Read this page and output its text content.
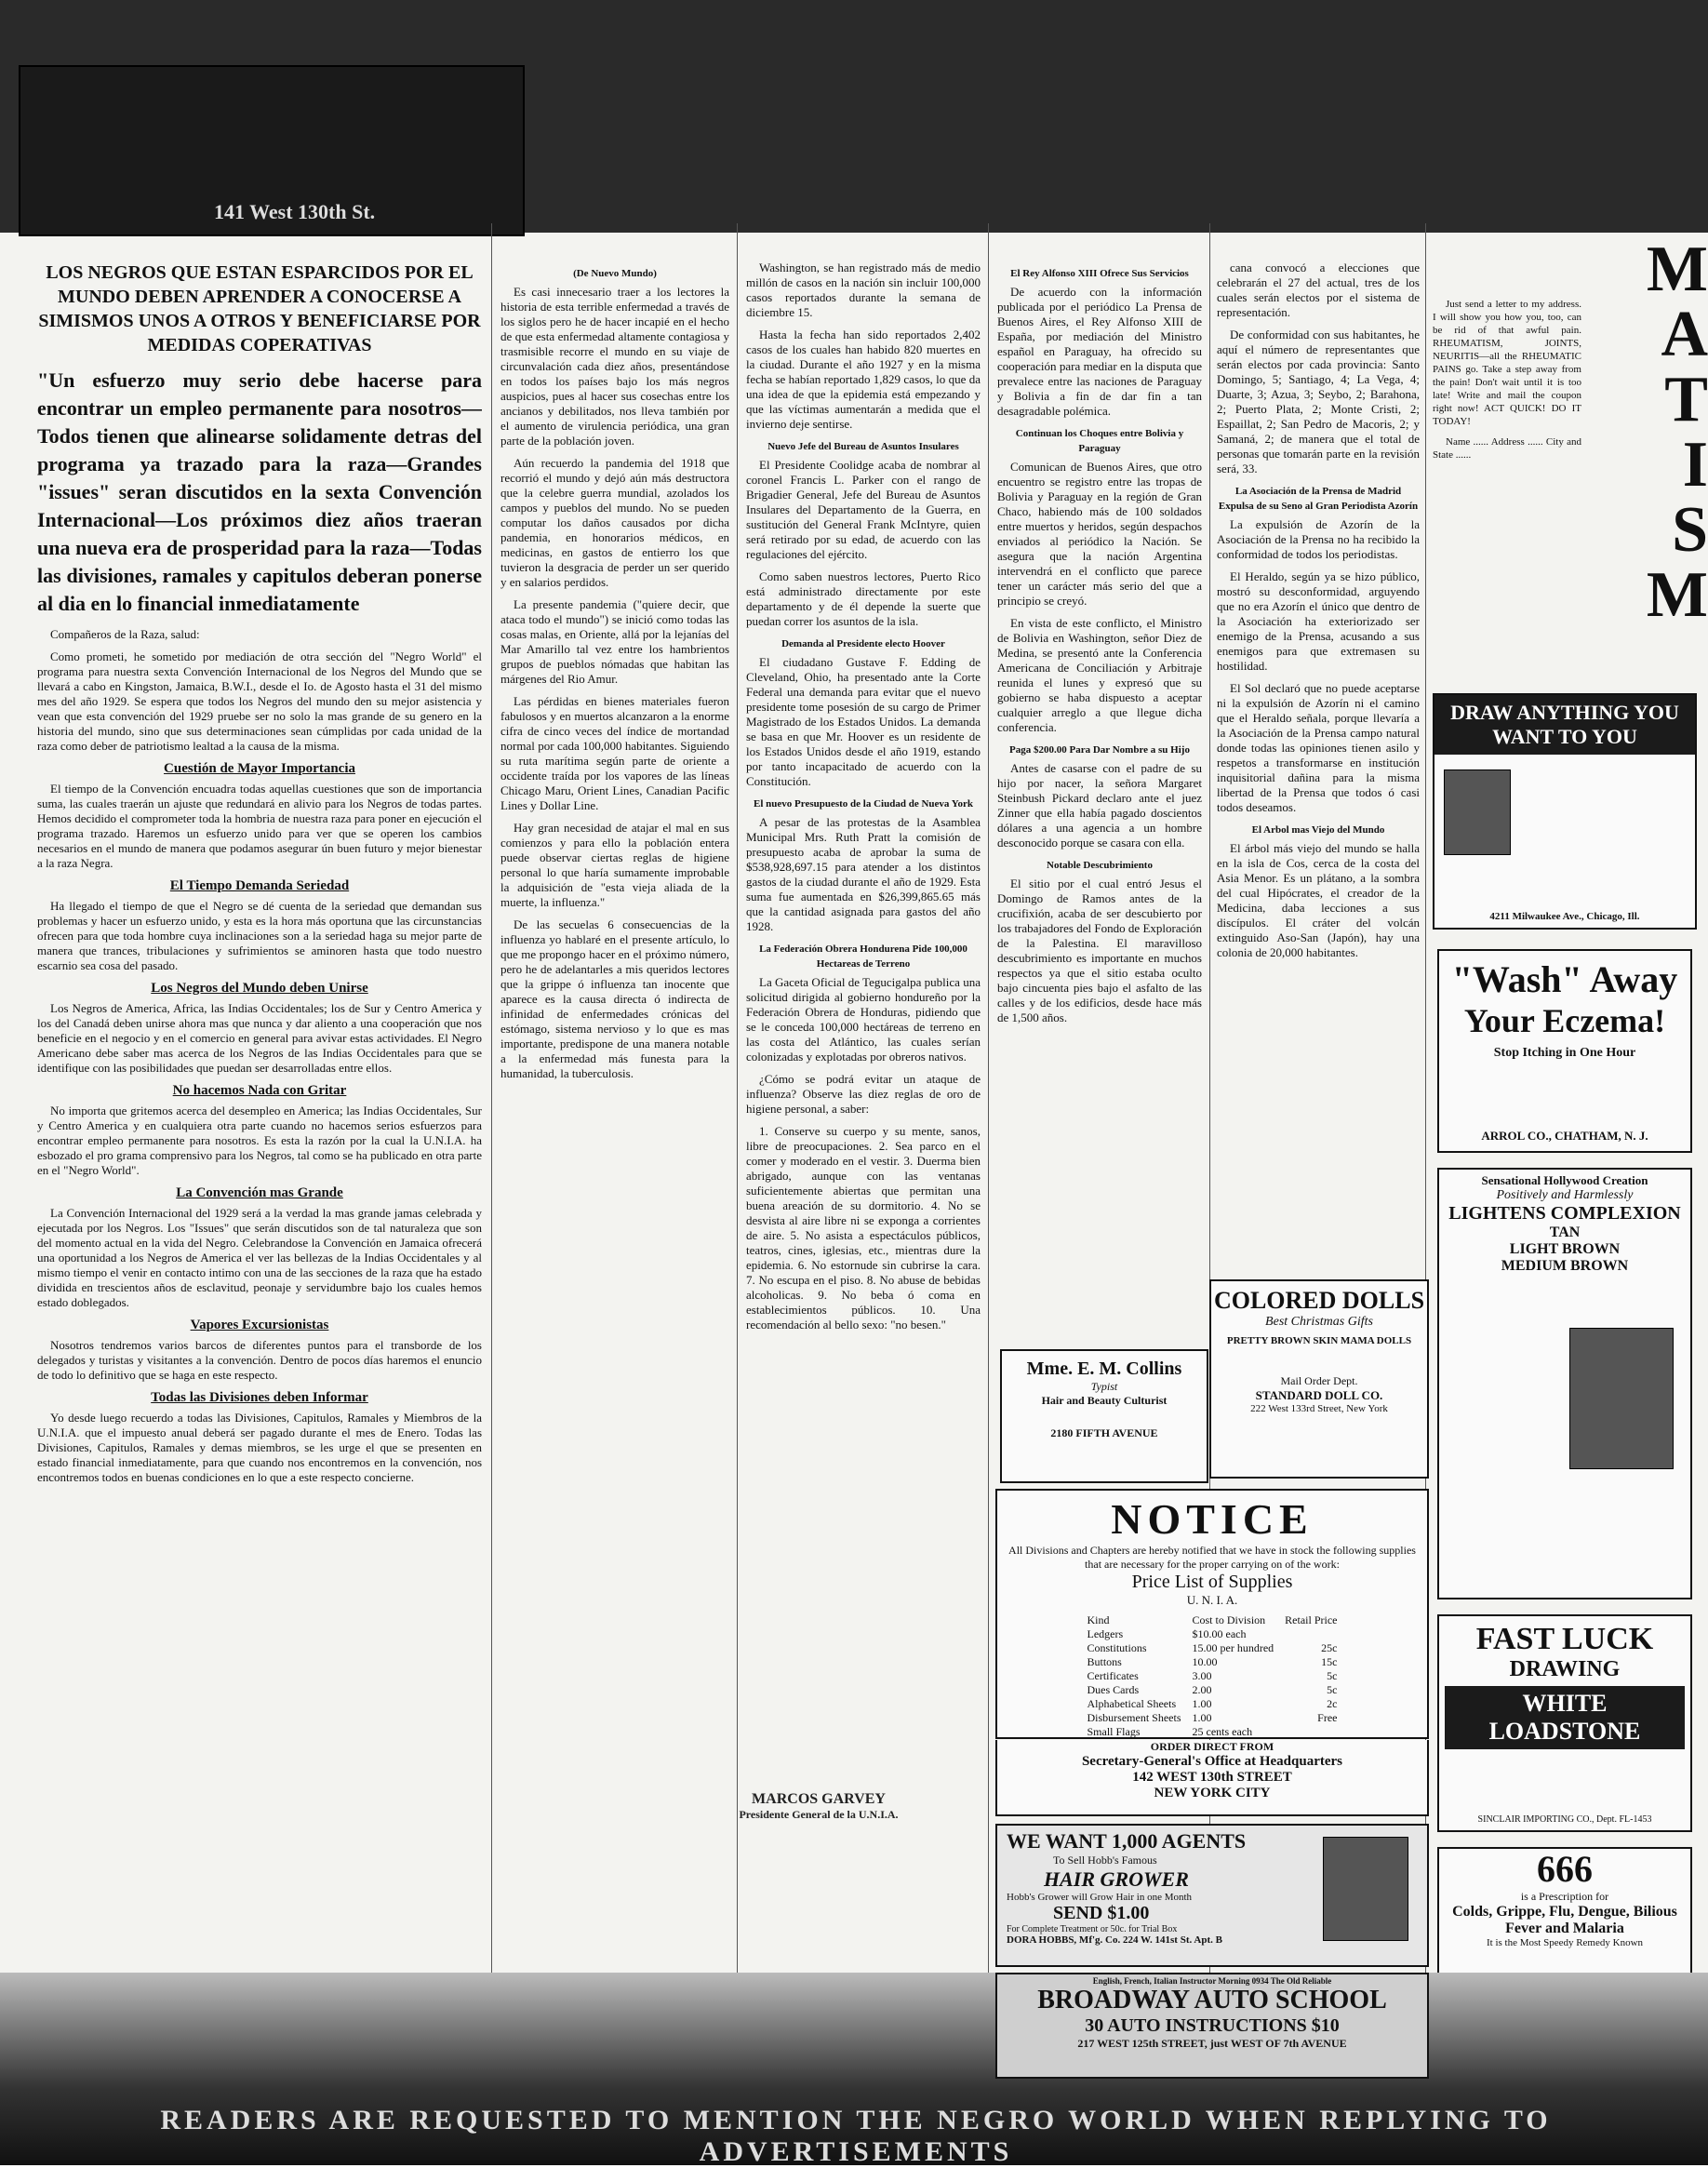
141 West 130th St.
M
A
T
I
S
M
LOS NEGROS QUE ESTAN ESPARCIDOS POR EL MUNDO DEBEN APRENDER A CONOCERSE A SIMISMOS UNOS A OTROS Y BENEFICIARSE POR MEDIDAS COPERATIVAS
"Un esfuerzo muy serio debe hacerse para encontrar un empleo permanente para nosotros—Todos tienen que alinearse solidamente detras del programa ya trazado para la raza—Grandes "issues" seran discutidos en la sexta Convención Internacional—Los próximos diez años traeran una nueva era de prosperidad para la raza—Todas las divisiones, ramales y capitulos deberan ponerse al dia en lo financial inmediatamente

Compañeros de la Raza, salud:

Como prometi, he sometido por mediación de otra sección del "Negro World" el programa para nuestra sexta Convención Internacional de los Negros del Mundo que se llevará a cabo en Kingston, Jamaica, B.W.I., desde el Io. de Agosto hasta el 31 del mismo mes del año 1929. Se espera que todos los Negros del mundo den su mejor asistencia y vean que esta convención del 1929 pruebe ser no solo la mas grande de su genero en la historia del mundo, sino que sus determinaciones sean cúmplidas por cada unidad de la raza como deber de patriotismo lealtad a la causa de la misma.

Cuestión de Mayor Importancia

El tiempo de la Convención encuadra todas aquellas cuestiones que son de importancia suma, las cuales traerán un ajuste que redundará en alivio para los Negros de todas partes. Hemos decidido el comprometer toda la hombria de nuestra raza para poner en ejecución el programa trazado. Haremos un esfuerzo unido para ver que se operen los cambios necesarios en el mundo de manera que podamos asegurar ún buen futuro y mejor bienestar a la raza Negra.

El Tiempo Demanda Seriedad

Ha llegado el tiempo de que el Negro se dé cuenta de la seriedad que demandan sus problemas y hacer un esfuerzo unido, y esta es la hora más oportuna que las circunstancias ofrecen para que toda hombre cuya inclinaciones son a la seriedad haga su mejor parte de manera que trances, tribulaciones y sufrimientos se aminoren hasta que todo nuestro escarnio sea cosa del pasado.

Los Negros del Mundo deben Unirse

Los Negros de America, Africa, las Indias Occidentales; los de Sur y Centro America y los del Canadá deben unirse ahora mas que nunca y dar aliento a una cooperación que nos beneficie en el negocio y en el comercio en general para avivar estas actividades. El Negro Americano debe saber mas acerca de los Negros de las Indias Occidentales para que se identifique con las posibilidades que puedan ser desarrolladas entre ellos.

No hacemos Nada con Gritar

No importa que gritemos acerca del desempleo en America; las Indias Occidentales, Sur y Centro America y en cualquiera otra parte cuando no hacemos serios esfuerzos para encontrar empleo permanente para nosotros. Es esta la razón por la cual la U.N.I.A. ha esbozado el pro grama comprensivo para los Negros, tal como se ha publicado en otra parte en el "Negro World".

La Convención mas Grande

La Convención Internacional del 1929 será a la verdad la mas grande jamas celebrada y ejecutada por los Negros. Los "Issues" que serán discutidos son de tal naturaleza que son del momento actual en la vida del Negro. Celebrandose la Convención en Jamaica ofrecerá una oportunidad a los Negros de America el ver las bellezas de la Indias Occidentales y al mismo tiempo el venir en contacto intimo con una de las secciones de la raza que ha estado dividida en trescientos años de esclavitud, peonaje y servidumbre bajo los cuales hemos estado doblegados.

Vapores Excursionistas

Nosotros tendremos varios barcos de diferentes puntos para el transborde de los delegados y turistas y visitantes a la convención. Dentro de pocos días haremos el enuncio de todo lo definitivo que se haga en este respecto.

Todas las Divisiones deben Informar

Yo desde luego recuerdo a todas las Divisiones, Capitulos, Ramales y Miembros de la U.N.I.A. que el impuesto anual deberá ser pagado durante el mes de Enero. Todas las Divisiones, Capitulos, Ramales y demas miembros, se les urge el que se presenten en estado financial inmediatamente, para que cuando nos encontremos en la convención, nos encontremos todos en buenas condiciones en lo que a este respecto concierne.

MARCOS GARVEY
Presidente General de la U.N.I.A.
(De Nuevo Mundo)

Es casi innecesario traer a los lectores la historia de esta terrible enfermedad a través de los siglos pero he de hacer incapié en el hecho de que esta enfermedad altamente contagiosa y trasmisible recorre el mundo en su viaje de circunvalación cada diez años, presentándose en todos los países bajo los más negros auspicios, pues al hacer sus cosechas entre los ancianos y debilitados, nos lleva también por el aumento de virulencia periódica, una gran parte de la población joven.

Aún recuerdo la pandemia del 1918 que recorrió el mundo y dejó aún más destructora que la celebre guerra mundial, azolados los campos y pueblos del mundo. No se pueden computar los daños causados por dicha pandemia, en honorarios médicos, en medicinas, en gastos de entierro los que tuvieron la desgracia de perder un ser querido y en salarios perdidos.

La presente pandemia ("quiere decir, que ataca todo el mundo") se inició como todas las cosas malas, en Oriente, allá por la lejanías del Mar Amarillo tal vez entre los hambrientos grupos de pueblos nómadas que habitan las márgenes del Rio Amur.

Las pérdidas en bienes materiales fueron fabulosos y en muertos alcanzaron a la enorme cifra de cinco veces del índice de mortandad normal por cada 100,000 habitantes. Siguiendo su ruta marítima según parte de oriente a occidente traída por los vapores de las líneas Chicago Maru, Orient Lines, Canadian Pacific Lines y Dollar Line.

Hay gran necesidad de atajar el mal en sus comienzos y para ello la población entera puede observar ciertas reglas de higiene personal lo que haría sumamente improbable la adquisición de "esta vieja aliada de la muerte, la influenza."

De las secuelas 6 consecuencias de la influenza yo hablaré en el presente artículo, lo que me propongo hacer en el próximo número, pero he de adelantarles a mis queridos lectores que la grippe ó influenza tan inocente que aparece es la causa directa ó indirecta de infinidad de enfermedades crónicas del estómago, sistema nervioso y lo que es mas importante, predispone de una manera notable a la enfermedad más funesta para la humanidad, la tuberculosis.

Washington, se han registrado más de medio millón de casos en la nación sin incluir 100,000 casos reportados durante la semana de diciembre 15.

Hasta la fecha han sido reportados 2,402 casos de los cuales han habido 820 muertes en la ciudad. Durante el año 1927 y en la misma fecha se habían reportado 1,829 casos, lo que da una idea de que la epidemia está empezando y que las víctimas aumentarán a medida que el invierno deje sentirse.

Nuevo Jefe del Bureau de Asuntos Insulares

El Presidente Coolidge acaba de nombrar al coronel Francis L. Parker con el rango de Brigadier General, Jefe del Bureau de Asuntos Insulares del Departamento de la Guerra, en sustitución del General Frank McIntyre, quien será retirado por su edad, de acuerdo con las regulaciones del ejército.

Como saben nuestros lectores, Puerto Rico está administrado directamente por este departamento y de él depende la suerte que puedan correr los asuntos de la isla.

Demanda al Presidente electo Hoover

El ciudadano Gustave F. Edding de Cleveland, Ohio, ha presentado ante la Corte Federal una demanda para evitar que el nuevo presidente tome posesión de su cargo de Primer Magistrado de los Estados Unidos. La demanda se basa en que Mr. Hoover es un residente de los Estados Unidos desde el año 1919, estando por tanto incapacitado de acuerdo con la Constitución.

El nuevo Presupuesto de la Ciudad de Nueva York

A pesar de las protestas de la Asamblea Municipal Mrs. Ruth Pratt la comisión de presupuesto acaba de aprobar la suma de $538,928,697.15 para atender a los distintos gastos de la ciudad durante el año de 1929. Esta suma fue aumentada en $26,399,865.65 más que la cantidad asignada para gastos del año 1928.

La Federación Obrera Hondurena Pide 100,000 Hectareas de Terreno

La Gaceta Oficial de Tegucigalpa publica una solicitud dirigida al gobierno hondureño por la Federación Obrera de Honduras, pidiendo que se le conceda 100,000 hectáreas de terreno en las costa del Atlántico, las cuales serían colonizadas y explotadas por obreros nativos.

¿Cómo se podrá evitar un ataque de influenza? Observe las diez reglas de oro de higiene personal, a saber:

1. Conserve su cuerpo y su mente, sanos, libre de preocupaciones. 2. Sea parco en el comer y moderado en el vestir. 3. Duerma bien abrigado, aunque con las ventanas suficientemente abiertas que permitan una buena areación de su dormitorio. 4. No se desvista al aire libre ni se exponga a corrientes de aire. 5. No asista a espectáculos públicos, teatros, cines, iglesias, etc., mientras dure la epidemia. 6. No estornude sin cubrirse la cara. 7. No escupa en el piso. 8. No abuse de bebidas alcoholicas. 9. No beba ó coma en establecimientos públicos. 10. Una recomendación al bello sexo: "no besen."

El Rey Alfonso XIII Ofrece Sus Servicios

De acuerdo con la información publicada por el periódico La Prensa de Buenos Aires, el Rey Alfonso XIII de España, por mediación del Ministro español en Paraguay, ha ofrecido su cooperación para mediar en la disputa que prevalece entre las naciones de Paraguay y Bolivia a fin de dar fin a tan desagradable polémica.

Continuan los Choques entre Bolivia y Paraguay

Comunican de Buenos Aires, que otro encuentro se registro entre las tropas de Bolivia y Paraguay en la región de Gran Chaco, habiendo más de 100 soldados entre muertos y heridos, según despachos enviados al periódico la Nación. Se asegura que la nación Argentina intervendrá en el conflicto que parece tener un carácter más serio del que a principio se creyó.

En vista de este conflicto, el Ministro de Bolivia en Washington, señor Diez de Medina, se presentó ante la Conferencia Americana de Conciliación y Arbitraje reunida el lunes y expresó que su gobierno se haba dispuesto a aceptar cualquier arreglo a que llegue dicha conferencia.

Paga $200.00 Para Dar Nombre a su Hijo

Antes de casarse con el padre de su hijo por nacer, la señora Margaret Steinbush Pickard declaro ante el juez Zinner que ella había pagado doscientos dólares a una agencia a un hombre desconocido porque se casara con ella.

Notable Descubrimiento

El sitio por el cual entró Jesus el Domingo de Ramos antes de la crucifixión, acaba de ser descubierto por los trabajadores del Fondo de Exploración de la Palestina. El maravilloso descubrimiento es importante en muchos respectos ya que el sitio estaba oculto bajo cincuenta pies bajo el asfalto de las calles y de los edificios, desde hace más de 1,500 años.

cana convocó a elecciones que celebrarán el 27 del actual, tres de los cuales serán electos por el sistema de representación.

De conformidad con sus habitantes, he aquí el número de representantes que serán electos por cada provincia: Santo Domingo, 5; Santiago, 4; La Vega, 4; Duarte, 3; Azua, 3; Seybo, 2; Barahona, 2; Puerto Plata, 2; Monte Cristi, 2; Espaillat, 2; San Pedro de Macoris, 2; y Samaná, 2; de manera que el total de personas que tomarán parte en la revisión será, 33.

La Asociación de la Prensa de Madrid Expulsa de su Seno al Gran Periodista Azorín

La expulsión de Azorín de la Asociación de la Prensa no ha recibido la conformidad de todos los periodistas.

El Heraldo, según ya se hizo público, mostró su desconformidad, arguyendo que no era Azorín el único que dentro de la Asociación ha exteriorizado ser enemigo de la Prensa, acusando a sus enemigos para que extremasen su hostilidad.

El Sol declaró que no puede aceptarse ni la expulsión de Azorín ni el camino que el Heraldo señala, porque llevaría a la Asociación de la Prensa campo natural donde todas las opiniones tienen asilo y respetos a transformarse en institución inquisitorial dañina para la misma libertad de la Prensa que todos ó casi todos deseamos.

El Arbol mas Viejo del Mundo

El árbol más viejo del mundo se halla en la isla de Cos, cerca de la costa del Asia Menor. Es un plátano, a la sombra del cual Hipócrates, el creador de la Medicina, daba lecciones a sus discípulos. El cráter del volcán extinguido Aso-San (Japón), hay una colonia de 20,000 habitantes.

Just send a letter to my address. I will show you how you, too, can be rid of that awful pain. RHEUMATISM, JOINTS, NEURITIS—all the RHEUMATIC PAINS go. Take a step away from the pain! Don't wait until it is too late! Write and mail the coupon right now! ACT QUICK! DO IT TODAY!

Name ...... Address ...... City and State ......

DRAW ANYTHING YOU WANT TO YOU
4211 Milwaukee Ave., Chicago, Ill.
"Wash" Away
Your Eczema!
Stop Itching in One Hour
ARROL CO., CHATHAM, N. J.
Sensational Hollywood Creation
Positively and Harmlessly
LIGHTENS COMPLEXION
TAN
LIGHT BROWN
MEDIUM BROWN
FAST LUCK
DRAWING
WHITE LOADSTONE
SINCLAIR IMPORTING CO., Dept. FL-1453
666
is a Prescription for
Colds, Grippe, Flu, Dengue, Bilious Fever and Malaria
It is the Most Speedy Remedy Known
COLORED DOLLS
Best Christmas Gifts
PRETTY BROWN SKIN MAMA DOLLS
Mail Order Dept.
STANDARD DOLL CO.
222 West 133rd Street, New York
Mme. E. M. Collins
Typist
Hair and Beauty Culturist
2180 FIFTH AVENUE
NOTICE
All Divisions and Chapters are hereby notified that we have in stock the following supplies that are necessary for the proper carrying on of the work:
Price List of Supplies
U. N. I. A.
Kind	Cost to Division	Retail Price
Ledgers	$10.00 each	
Constitutions	15.00 per hundred	25c
Buttons	10.00	15c
Certificates	3.00	5c
Dues Cards	2.00	5c
Alphabetical Sheets	1.00	2c
Disbursement Sheets	1.00	Free
Small Flags	25 cents each	
ORDER DIRECT FROM
Secretary-General's Office at Headquarters
142 WEST 130th STREET
NEW YORK CITY
WE WANT 1,000 AGENTS
To Sell Hobb's Famous
HAIR GROWER
Hobb's Grower will Grow Hair in one Month
SEND $1.00
For Complete Treatment or 50c. for Trial Box
DORA HOBBS, Mf'g. Co. 224 W. 141st St. Apt. B
English, French, Italian Instructor Morning 0934 The Old Reliable
BROADWAY AUTO SCHOOL
30 AUTO INSTRUCTIONS $10
217 WEST 125th STREET, just WEST OF 7th AVENUE
READERS ARE REQUESTED TO MENTION THE NEGRO WORLD WHEN REPLYING TO ADVERTISEMENTS
